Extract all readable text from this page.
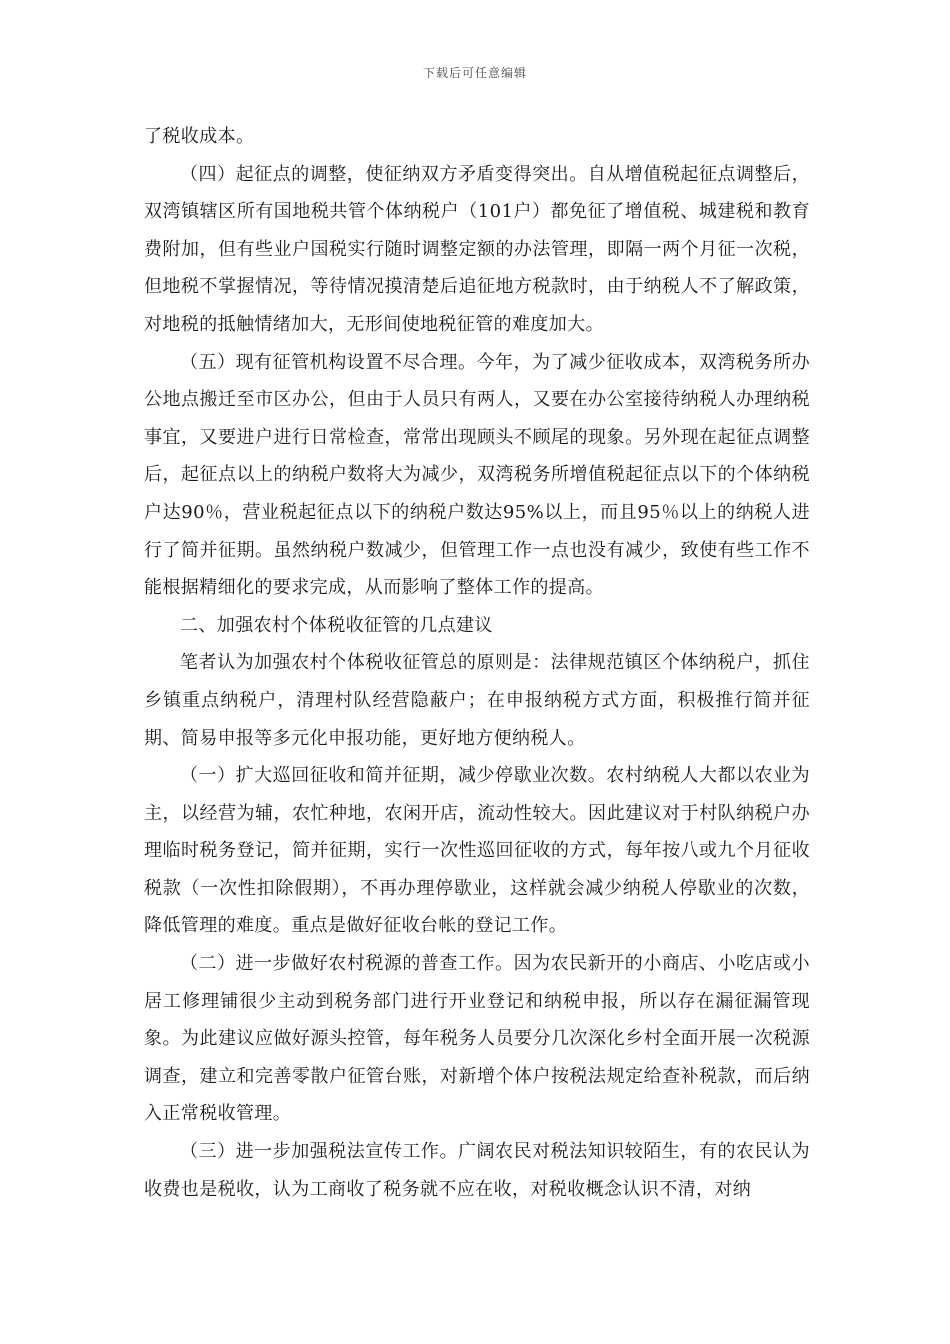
下载后可任意编辑

了税收成本。

（四）起征点的调整，使征纳双方矛盾变得突出。自从增值税起征点调整后，双湾镇辖区所有国地税共管个体纳税户（101户）都免征了增值税、城建税和教育费附加，但有些业户国税实行随时调整定额的办法管理，即隔一两个月征一次税，但地税不掌握情况，等待情况摸清楚后追征地方税款时，由于纳税人不了解政策，对地税的抵触情绪加大，无形间使地税征管的难度加大。

（五）现有征管机构设置不尽合理。今年，为了减少征收成本，双湾税务所办公地点搬迁至市区办公，但由于人员只有两人，又要在办公室接待纳税人办理纳税事宜，又要进户进行日常检查，常常出现顾头不顾尾的现象。另外现在起征点调整后，起征点以上的纳税户数将大为减少，双湾税务所增值税起征点以下的个体纳税户达90％，营业税起征点以下的纳税户数达95%以上，而且95％以上的纳税人进行了简并征期。虽然纳税户数减少，但管理工作一点也没有减少，致使有些工作不能根据精细化的要求完成，从而影响了整体工作的提高。

二、加强农村个体税收征管的几点建议

笔者认为加强农村个体税收征管总的原则是：法律规范镇区个体纳税户，抓住乡镇重点纳税户，清理村队经营隐蔽户；在申报纳税方式方面，积极推行简并征期、简易申报等多元化申报功能，更好地方便纳税人。

（一）扩大巡回征收和简并征期，减少停歇业次数。农村纳税人大都以农业为主，以经营为辅，农忙种地，农闲开店，流动性较大。因此建议对于村队纳税户办理临时税务登记，简并征期，实行一次性巡回征收的方式，每年按八或九个月征收税款（一次性扣除假期），不再办理停歇业，这样就会减少纳税人停歇业的次数，降低管理的难度。重点是做好征收台帐的登记工作。

（二）进一步做好农村税源的普查工作。因为农民新开的小商店、小吃店或小居工修理铺很少主动到税务部门进行开业登记和纳税申报，所以存在漏征漏管现象。为此建议应做好源头控管，每年税务人员要分几次深化乡村全面开展一次税源调查，建立和完善零散户征管台账，对新增个体户按税法规定给查补税款，而后纳入正常税收管理。

（三）进一步加强税法宣传工作。广阔农民对税法知识较陌生，有的农民认为收费也是税收，认为工商收了税务就不应在收，对税收概念认识不清，对纳
